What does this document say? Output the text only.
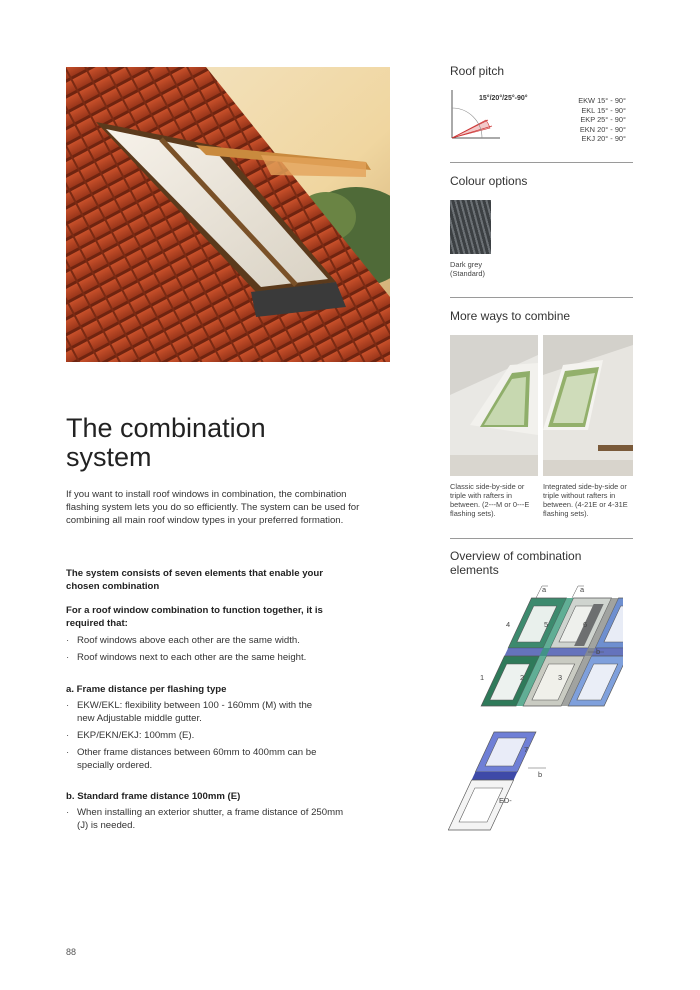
The combination
system

If you want to install roof windows in combination, the combination flashing system lets you do so efficiently. The system can be used for combining all main roof window types in your preferred formation.

The system consists of seven elements that enable your chosen combination
For a roof window combination to function together, it is required that:
· Roof windows above each other are the same width.
· Roof windows next to each other are the same height.
a. Frame distance per flashing type
· EKW/EKL: flexibility between 100 - 160mm (M) with the new Adjustable middle gutter.
· EKP/EKN/EKJ: 100mm (E).
· Other frame distances between 60mm to 400mm can be specially ordered.
b. Standard frame distance 100mm (E)
· When installing an exterior shutter, a frame distance of 250mm (J) is needed.
88
Roof pitch
15°/20°/25°-90°	EKW 15° - 90°
EKL 15° - 90°
EKP 25° - 90°
EKN 20° - 90°
EKJ 20° - 90°
Colour options
Dark grey
(Standard)
More ways to combine
Classic side-by-side or triple with rafters in between. (2-‑‑M or 0-‑‑E flashing sets).
Integrated side-by-side or triple without rafters in between. (4-21E or 4-31E flashing sets).
Overview of combination
elements
a	a
b
4	5	6
1	2	3
7
b
ED-
